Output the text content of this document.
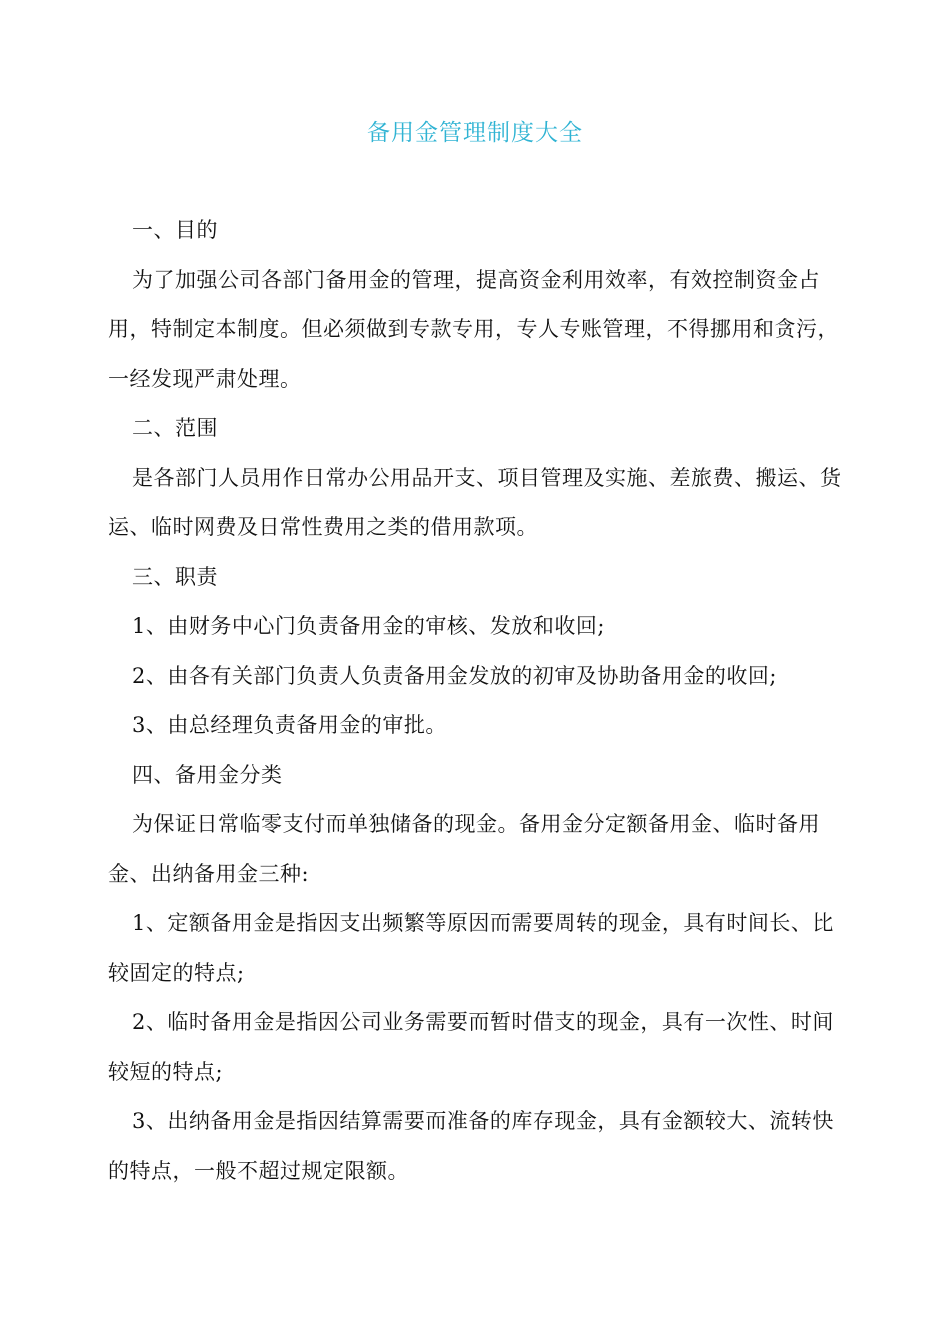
备用金管理制度大全

一、目的

为了加强公司各部门备用金的管理，提高资金利用效率，有效控制资金占用，特制定本制度。但必须做到专款专用，专人专账管理，不得挪用和贪污，一经发现严肃处理。

二、范围

是各部门人员用作日常办公用品开支、项目管理及实施、差旅费、搬运、货运、临时网费及日常性费用之类的借用款项。

三、职责

1、由财务中心门负责备用金的审核、发放和收回;

2、由各有关部门负责人负责备用金发放的初审及协助备用金的收回;

3、由总经理负责备用金的审批。

四、备用金分类

为保证日常临零支付而单独储备的现金。备用金分定额备用金、临时备用金、出纳备用金三种:

1、定额备用金是指因支出频繁等原因而需要周转的现金，具有时间长、比较固定的特点;

2、临时备用金是指因公司业务需要而暂时借支的现金，具有一次性、时间较短的特点;

3、出纳备用金是指因结算需要而准备的库存现金，具有金额较大、流转快的特点，一般不超过规定限额。
